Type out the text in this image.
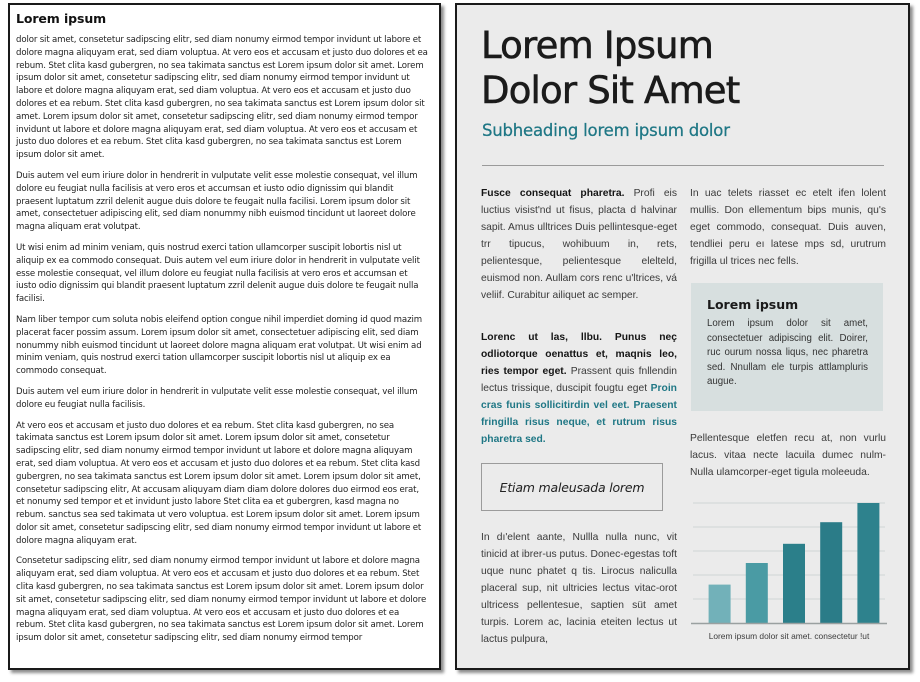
Lorem ipsum

dolor sit amet, consetetur sadipscing elitr, sed diam nonumy eirmod tempor invidunt ut labore et dolore magna aliquyam erat, sed diam voluptua. At vero eos et accusam et justo duo dolores et ea rebum. Stet clita kasd gubergren, no sea takimata sanctus est Lorem ipsum dolor sit amet. Lorem ipsum dolor sit amet, consetetur sadipscing elitr, sed diam nonumy eirmod tempor invidunt ut labore et dolore magna aliquyam erat, sed diam voluptua. At vero eos et accusam et justo duo dolores et ea rebum. Stet clita kasd gubergren, no sea takimata sanctus est Lorem ipsum dolor sit amet. Lorem ipsum dolor sit amet, consetetur sadipscing elitr, sed diam nonumy eirmod tempor invidunt ut labore et dolore magna aliquyam erat, sed diam voluptua. At vero eos et accusam et justo duo dolores et ea rebum. Stet clita kasd gubergren, no sea takimata sanctus est Lorem ipsum dolor sit amet.

Duis autem vel eum iriure dolor in hendrerit in vulputate velit esse molestie consequat, vel illum dolore eu feugiat nulla facilisis at vero eros et accumsan et iusto odio dignissim qui blandit praesent luptatum zzril delenit augue duis dolore te feugait nulla facilisi. Lorem ipsum dolor sit amet, consectetuer adipiscing elit, sed diam nonummy nibh euismod tincidunt ut laoreet dolore magna aliquam erat volutpat.

Ut wisi enim ad minim veniam, quis nostrud exerci tation ullamcorper suscipit lobortis nisl ut aliquip ex ea commodo consequat. Duis autem vel eum iriure dolor in hendrerit in vulputate velit esse molestie consequat, vel illum dolore eu feugiat nulla facilisis at vero eros et accumsan et iusto odio dignissim qui blandit praesent luptatum zzril delenit augue duis dolore te feugait nulla facilisi.

Nam liber tempor cum soluta nobis eleifend option congue nihil imperdiet doming id quod mazim placerat facer possim assum. Lorem ipsum dolor sit amet, consectetuer adipiscing elit, sed diam nonummy nibh euismod tincidunt ut laoreet dolore magna aliquam erat volutpat. Ut wisi enim ad minim veniam, quis nostrud exerci tation ullamcorper suscipit lobortis nisl ut aliquip ex ea commodo consequat.

Duis autem vel eum iriure dolor in hendrerit in vulputate velit esse molestie consequat, vel illum dolore eu feugiat nulla facilisis.

At vero eos et accusam et justo duo dolores et ea rebum. Stet clita kasd gubergren, no sea takimata sanctus est Lorem ipsum dolor sit amet. Lorem ipsum dolor sit amet, consetetur sadipscing elitr, sed diam nonumy eirmod tempor invidunt ut labore et dolore magna aliquyam erat, sed diam voluptua. At vero eos et accusam et justo duo dolores et ea rebum. Stet clita kasd gubergren, no sea takimata sanctus est Lorem ipsum dolor sit amet. Lorem ipsum dolor sit amet, consetetur sadipscing elitr, At accusam aliquyam diam diam dolore dolores duo eirmod eos erat, et nonumy sed tempor et et invidunt justo labore Stet clita ea et gubergren, kasd magna no rebum. sanctus sea sed takimata ut vero voluptua. est Lorem ipsum dolor sit amet. Lorem ipsum dolor sit amet, consetetur sadipscing elitr, sed diam nonumy eirmod tempor invidunt ut labore et dolore magna aliquyam erat.

Consetetur sadipscing elitr, sed diam nonumy eirmod tempor invidunt ut labore et dolore magna aliquyam erat, sed diam voluptua. At vero eos et accusam et justo duo dolores et ea rebum. Stet clita kasd gubergren, no sea takimata sanctus est Lorem ipsum dolor sit amet. Lorem ipsum dolor sit amet, consetetur sadipscing elitr, sed diam nonumy eirmod tempor invidunt ut labore et dolore magna aliquyam erat, sed diam voluptua. At vero eos et accusam et justo duo dolores et ea rebum. Stet clita kasd gubergren, no sea takimata sanctus est Lorem ipsum dolor sit amet. Lorem ipsum dolor sit amet, consetetur sadipscing elitr, sed diam nonumy eirmod tempor

Lorem Ipsum
Dolor Sit Amet
Subheading lorem ipsum dolor

Fusce consequat pharetra. Profi eis luctius visist'nd ut fisus, placta d halvinar sapit. Amus ulltrices Duis pellintesque-eget trr tipucus, wohibuum in, rets, pelientesque, pelientesque elelteld, euismod non. Aullam cors renc u'ltrices, vá veliif. Curabitur ailiquet ac semper.

Lorenc ut las, llbu. Punus neç odliotorque oenattus et, maqnis leo, ries tempor eget. Prassent quis fnllendin lectus trissique, duscipit fougtu eget Proin cras funis sollicitirdin vel eet. Praesent fringilla risus neque, et rutrum risus pharetra sed.

Etiam maleusada lorem

In dı'elent aante, Nullla nulla nunc, vit tinicid at ibrer-us putus. Donec-egestas toft uque nunc phatet q tis. Lirocus naliculla placeral sup, nit ultricies lectus vitac-orot ultricess pellentesue, saptien süt amet turpis. Lorem ac, lacinia eteiten lectus ut lactus pulpura,

In uac telets riasset ec etelt ifen lolent mullis. Don ellementum bips munis, qu's eget commodo, consequat. Duis auven, tendliei peru eı latese mps sd, urutrum frigilla ul trices nec fells.

Lorem ipsum

Lorem ipsum dolor sit amet, consectetuer adipiscing elit. Doirer, ruc ourum nossa liqus, nec pharetra sed. Nnullam ele turpis attlampluris augue.

Pellentesque eletfen recu at, non vurlu lacus. vitaa necte lacuila dumec nulm-Nulla ulamcorper-eget tigula moleeuda.

Lorem ipsum dolor sit amet. consectetur !ut
